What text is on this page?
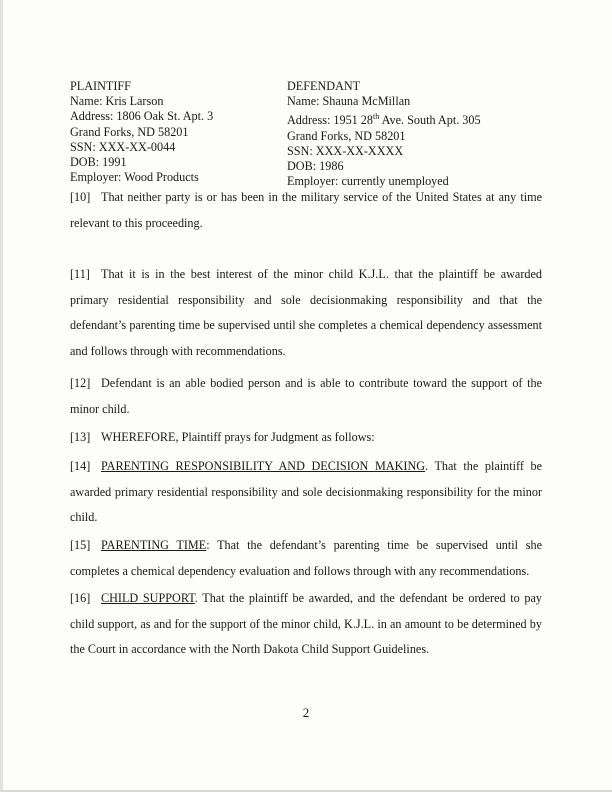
PLAINTIFF
Name: Kris Larson
Address: 1806 Oak St. Apt. 3
Grand Forks, ND 58201
SSN: XXX-XX-0044
DOB: 1991
Employer: Wood Products
DEFENDANT
Name: Shauna McMillan
Address: 1951 28th Ave. South Apt. 305
Grand Forks, ND 58201
SSN: XXX-XX-XXXX
DOB: 1986
Employer: currently unemployed
[10] That neither party is or has been in the military service of the United States at any time relevant to this proceeding.
[11] That it is in the best interest of the minor child K.J.L. that the plaintiff be awarded primary residential responsibility and sole decisionmaking responsibility and that the defendant’s parenting time be supervised until she completes a chemical dependency assessment and follows through with recommendations.
[12] Defendant is an able bodied person and is able to contribute toward the support of the minor child.
[13] WHEREFORE, Plaintiff prays for Judgment as follows:
[14] PARENTING RESPONSIBILITY AND DECISION MAKING. That the plaintiff be awarded primary residential responsibility and sole decisionmaking responsibility for the minor child.
[15] PARENTING TIME: That the defendant’s parenting time be supervised until she completes a chemical dependency evaluation and follows through with any recommendations.
[16] CHILD SUPPORT. That the plaintiff be awarded, and the defendant be ordered to pay child support, as and for the support of the minor child, K.J.L. in an amount to be determined by the Court in accordance with the North Dakota Child Support Guidelines.
2
